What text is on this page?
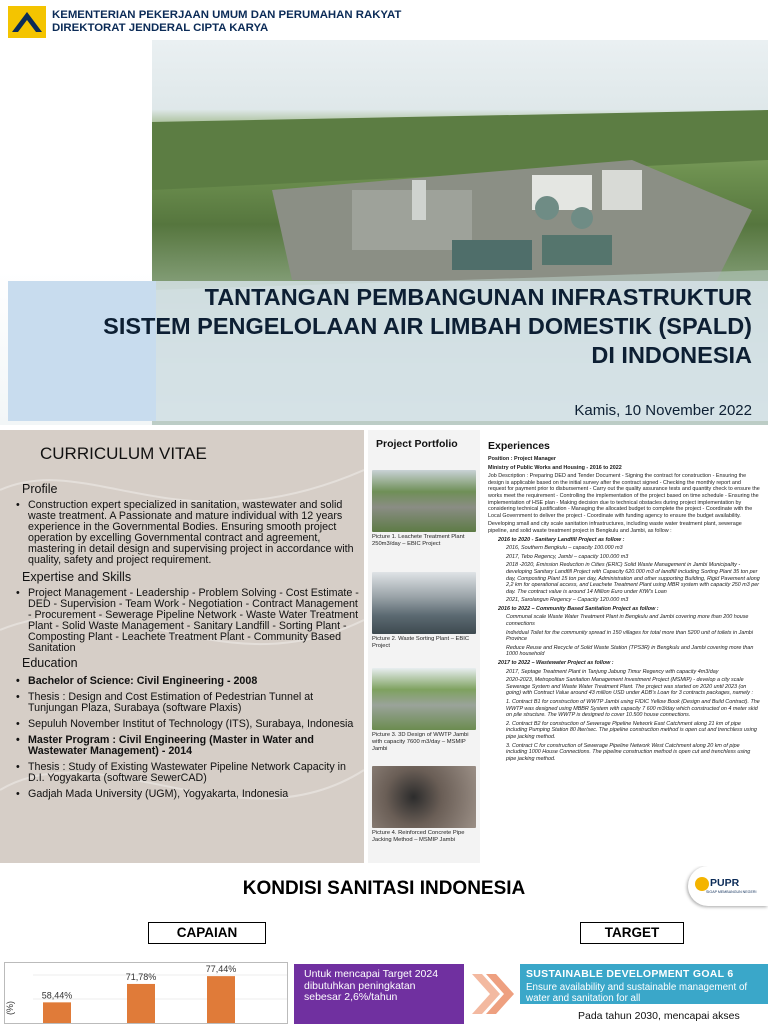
KEMENTERIAN PEKERJAAN UMUM DAN PERUMAHAN RAKYAT
DIREKTORAT JENDERAL CIPTA KARYA
TANTANGAN PEMBANGUNAN INFRASTRUKTUR
SISTEM PENGELOLAAN AIR LIMBAH DOMESTIK (SPALD)
DI INDONESIA
Kamis, 10 November 2022
CURRICULUM VITAE
Profile
• Construction expert specialized in sanitation, wastewater and solid waste treatment. A Passionate and mature individual with 12 years experience in the Governmental Bodies. Ensuring smooth project operation by excelling Governmental contract and agreement, mastering in detail design and supervising project in accordance with quality, safety and project requirement.
Expertise and Skills
• Project Management - Leadership - Problem Solving - Cost Estimate - DED - Supervision - Team Work - Negotiation - Contract Management - Procurement - Sewerage Pipeline Network - Waste Water Treatment Plant - Solid Waste Management - Sanitary Landfill - Sorting Plant - Composting Plant - Leachete Treatment Plant - Community Based Sanitation
Education
• Bachelor of Science: Civil Engineering - 2008
• Thesis : Design and Cost Estimation of Pedestrian Tunnel at Tunjungan Plaza, Surabaya (software Plaxis)
• Sepuluh November Institut of Technology (ITS), Surabaya, Indonesia
• Master Program : Civil Engineering (Master in Water and Wastewater Management) - 2014
• Thesis : Study of Existing Wastewater Pipeline Network Capacity in D.I. Yogyakarta (software SewerCAD)
• Gadjah Mada University (UGM), Yogyakarta, Indonesia
Project Portfolio
Picture 1. Leachete Treatment Plant 250m3/day – EBIC Project
Picture 2. Waste Sorting Plant – EBIC Project
Picture 3. 3D Design of WWTP Jambi with capacity 7600 m3/day – MSMIP Jambi
Picture 4. Reinforced Concrete Pipe Jacking Method – MSMIP Jambi
Experiences

Position : Project Manager

Ministry of Public Works and Housing - 2016 to 2022

Job Description : Preparing DED and Tender Document - Signing the contract for construction - Ensuring the design is applicable based on the initial survey after the contract signed - Checking the monthly report and request for payment prior to disbursement - Carry out the quality assurance tests and quantity check to ensure the works meet the requirement - Controlling the implementation of the project based on time schedule - Ensuring the implementation of HSE plan - Making decision due to technical obstacles during project implementation by considering technical justification - Managing the allocated budget to complete the project - Coordinate with the Local Government to deliver the project - Coordinate with funding agency to ensure the budget availability.

Developing small and city scale sanitation infrastructures, including waste water treatment plant, sewerage pipeline, and solid waste treatment project in Bengkulu and Jambi, as follow :

2016 to 2020 - Sanitary Landfill Project as follow :

2016, Southern Bengkulu – capacity 100.000 m3

2017, Tebo Regency, Jambi – capacity 100.000 m3

2018 -2020, Emission Reduction in Cities (ERIC) Solid Waste Management in Jambi Municipality - developing Sanitary Landfill Project with Capacity 620.000 m3 of landfill including Sorting Plant 35 ton per day, Composting Plant 15 ton per day, Administration and other supporting Building, Rigid Pavement along 2,2 km for operational access, and Leachete Treatment Plant using MBR system with capacity 250 m3 per day. The contract value is around 14 Million Euro under KfW’s Loan

2021, Sarolangun Regency – Capacity 120.000 m3

2016 to 2022 – Community Based Sanitation Project as follow :

Communal scale Waste Water Treatment Plant in Bengkulu and Jambi covering more than 200 house connections

Individual Toilet for the community spread in 150 villages for total more than 5200 unit of toilets in Jambi Province

Reduce Reuse and Recycle of Solid Waste Station (TPS3R) in Bengkulu and Jambi covering more than 1000 household

2017 to 2022 – Wastewater Project as follow :

2017, Septage Treatment Plant in Tanjung Jabung Timur Regency with capacity 4m3/day

2020-2023, Metropolitan Sanitation Management Investment Project (MSMIP) - develop a city scale Sewerage System and Waste Water Treatment Plant. The project was started on 2020 until 2023 (on going) with Contract Value around 43 million USD under ADB’s Loan for 3 contracts packages, namely :

1. Contract B1 for construction of WWTP Jambi using FIDIC Yellow Book (Design and Build Contract). The WWTP was designed using MBBR System with capacity 7 600 m3/day which constructed on 4 meter skid on pile structure. The WWTP is designed to cover 10.500 house connections.

2. Contract B2 for construction of Sewerage Pipeline Network East Catchment along 21 km of pipe including Pumping Station 80 liter/sec. The pipeline construction method is open cut and trenchless using pipe jacking method.

3. Contract C for construction of Sewerage Pipeline Network West Catchment along 20 km of pipe including 1000 House Connections. The pipeline construction method is open cut and trenchless using pipe jacking method.

KONDISI SANITASI INDONESIA	PUPR
SIGAP MEMBANGUN NEGERI
CAPAIAN	TARGET
(%)
58,44%
71,78%
77,44%	Untuk mencapai Target 2024 dibutuhkan peningkatan sebesar 2,6%/tahun
SUSTAINABLE DEVELOPMENT GOAL 6
Ensure availability and sustainable management of water and sanitation for all
Pada tahun 2030, mencapai akses
